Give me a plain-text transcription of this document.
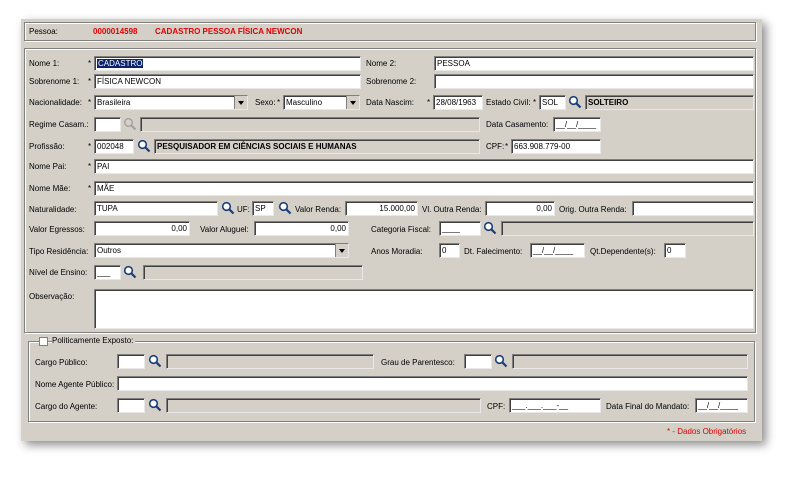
Pessoa:	0000014598 CADASTRO PESSOA FÍSICA NEWCON
Nome 1:	* CADASTRO	Nome 2:	PESSOA
Sobrenome 1: * FÍSICA NEWCON	Sobrenome 2:
Nacionalidade: * Brasileira	Sexo: * Masculino	Data Nascim: * 28/08/1963	Estado Civil: * SOL	SOLTEIRO
Regime Casam.:	Data Casamento: __/__/____
Profissão:	* 002048	PESQUISADOR EM CIÊNCIAS SOCIAIS E HUMANAS	CPF: * 663.908.779-00
Nome Pai:	* PAI
Nome Mãe: * MÃE
Naturalidade:	TUPA	UF: SP	Valor Renda:	15.000,00 Vl. Outra Renda:	0,00 Orig. Outra Renda:
Valor Egressos:	0,00	Valor Aluguel:	0,00	Categoria Fiscal:	____
Tipo Residência:	Outros	Anos Moradia:	0	Dt. Falecimento:	__/__/____	Qt.Dependente(s):	0
Nível de Ensino:	___
Observação:
Politicamente Exposto:
Cargo Público:	Grau de Parentesco:
Nome Agente Público:
Cargo do Agente:	CPF: ___.___.___-__	Data Final do Mandato:	__/__/____
* - Dados Obrigatórios
